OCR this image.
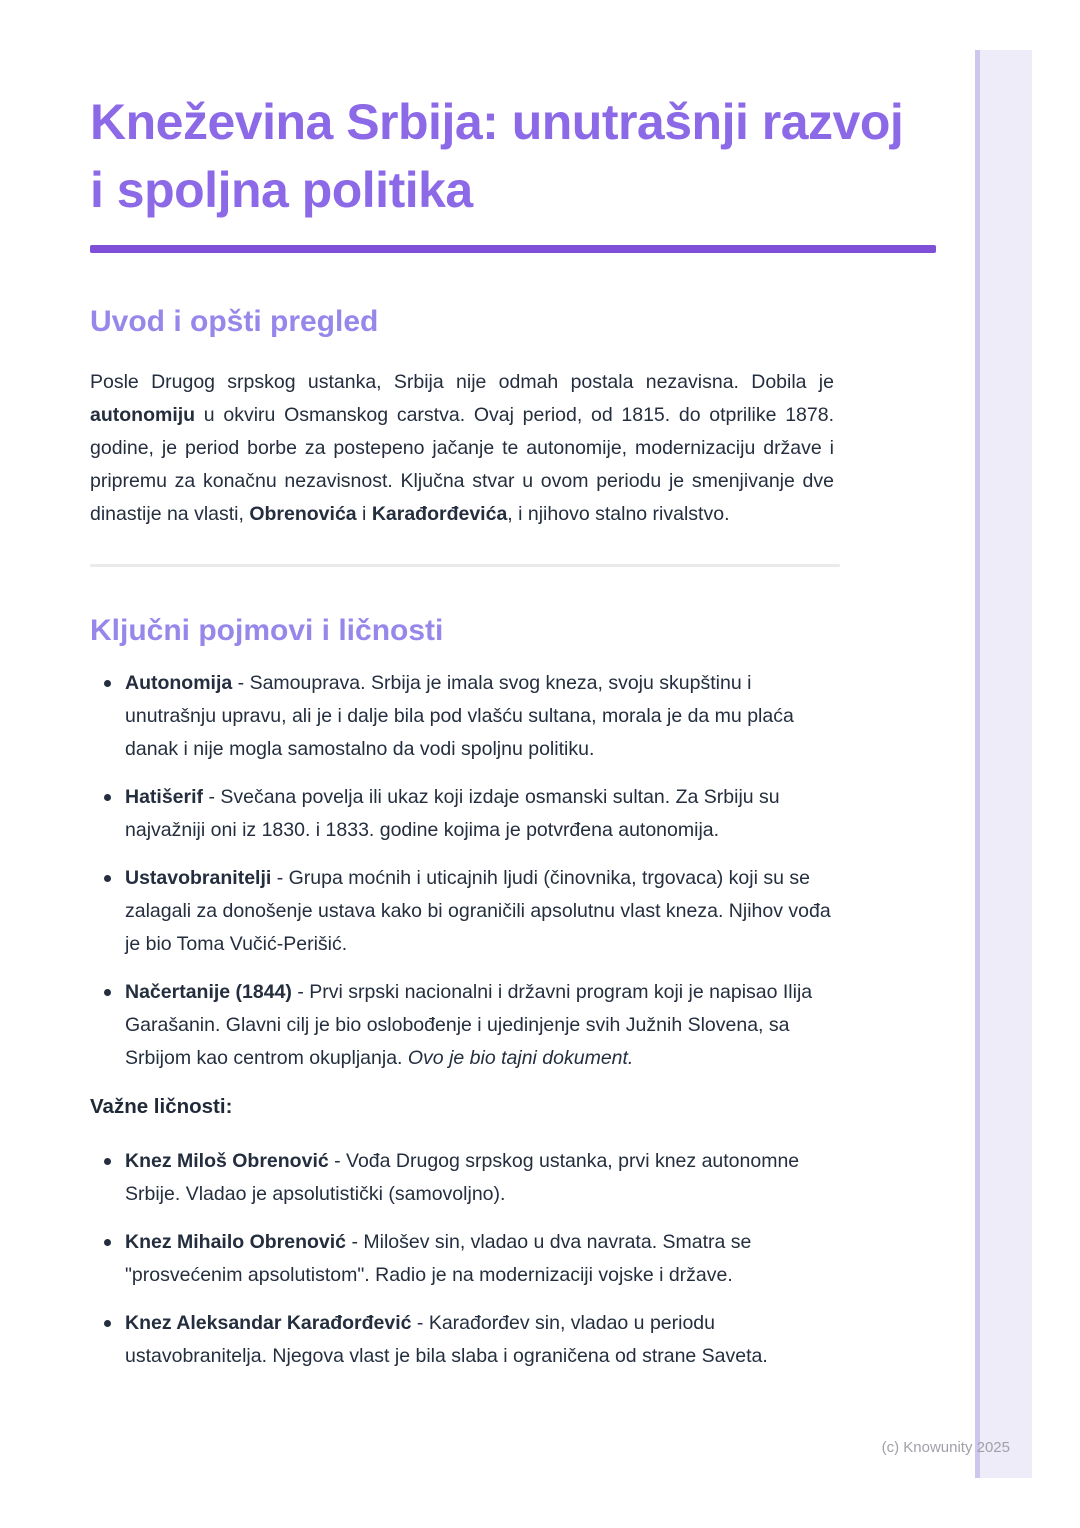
Kneževina Srbija: unutrašnji razvoj i spoljna politika
Uvod i opšti pregled

Posle Drugog srpskog ustanka, Srbija nije odmah postala nezavisna. Dobila je autonomiju u okviru Osmanskog carstva. Ovaj period, od 1815. do otprilike 1878. godine, je period borbe za postepeno jačanje te autonomije, modernizaciju države i pripremu za konačnu nezavisnost. Ključna stvar u ovom periodu je smenjivanje dve dinastije na vlasti, Obrenovića i Karađorđevića, i njihovo stalno rivalstvo.

Ključni pojmovi i ličnosti
Autonomija - Samouprava. Srbija je imala svog kneza, svoju skupštinu i unutrašnju upravu, ali je i dalje bila pod vlašću sultana, morala je da mu plaća danak i nije mogla samostalno da vodi spoljnu politiku.
Hatišerif - Svečana povelja ili ukaz koji izdaje osmanski sultan. Za Srbiju su najvažniji oni iz 1830. i 1833. godine kojima je potvrđena autonomija.
Ustavobranitelji - Grupa moćnih i uticajnih ljudi (činovnika, trgovaca) koji su se zalagali za donošenje ustava kako bi ograničili apsolutnu vlast kneza. Njihov vođa je bio Toma Vučić-Perišić.
Načertanije (1844) - Prvi srpski nacionalni i državni program koji je napisao Ilija Garašanin. Glavni cilj je bio oslobođenje i ujedinjenje svih Južnih Slovena, sa Srbijom kao centrom okupljanja. Ovo je bio tajni dokument.
Važne ličnosti:
Knez Miloš Obrenović - Vođa Drugog srpskog ustanka, prvi knez autonomne Srbije. Vladao je apsolutistički (samovoljno).
Knez Mihailo Obrenović - Milošev sin, vladao u dva navrata. Smatra se "prosvećenim apsolutistom". Radio je na modernizaciji vojske i države.
Knez Aleksandar Karađorđević - Karađorđev sin, vladao u periodu ustavobranitelja. Njegova vlast je bila slaba i ograničena od strane Saveta.
(c) Knowunity 2025
